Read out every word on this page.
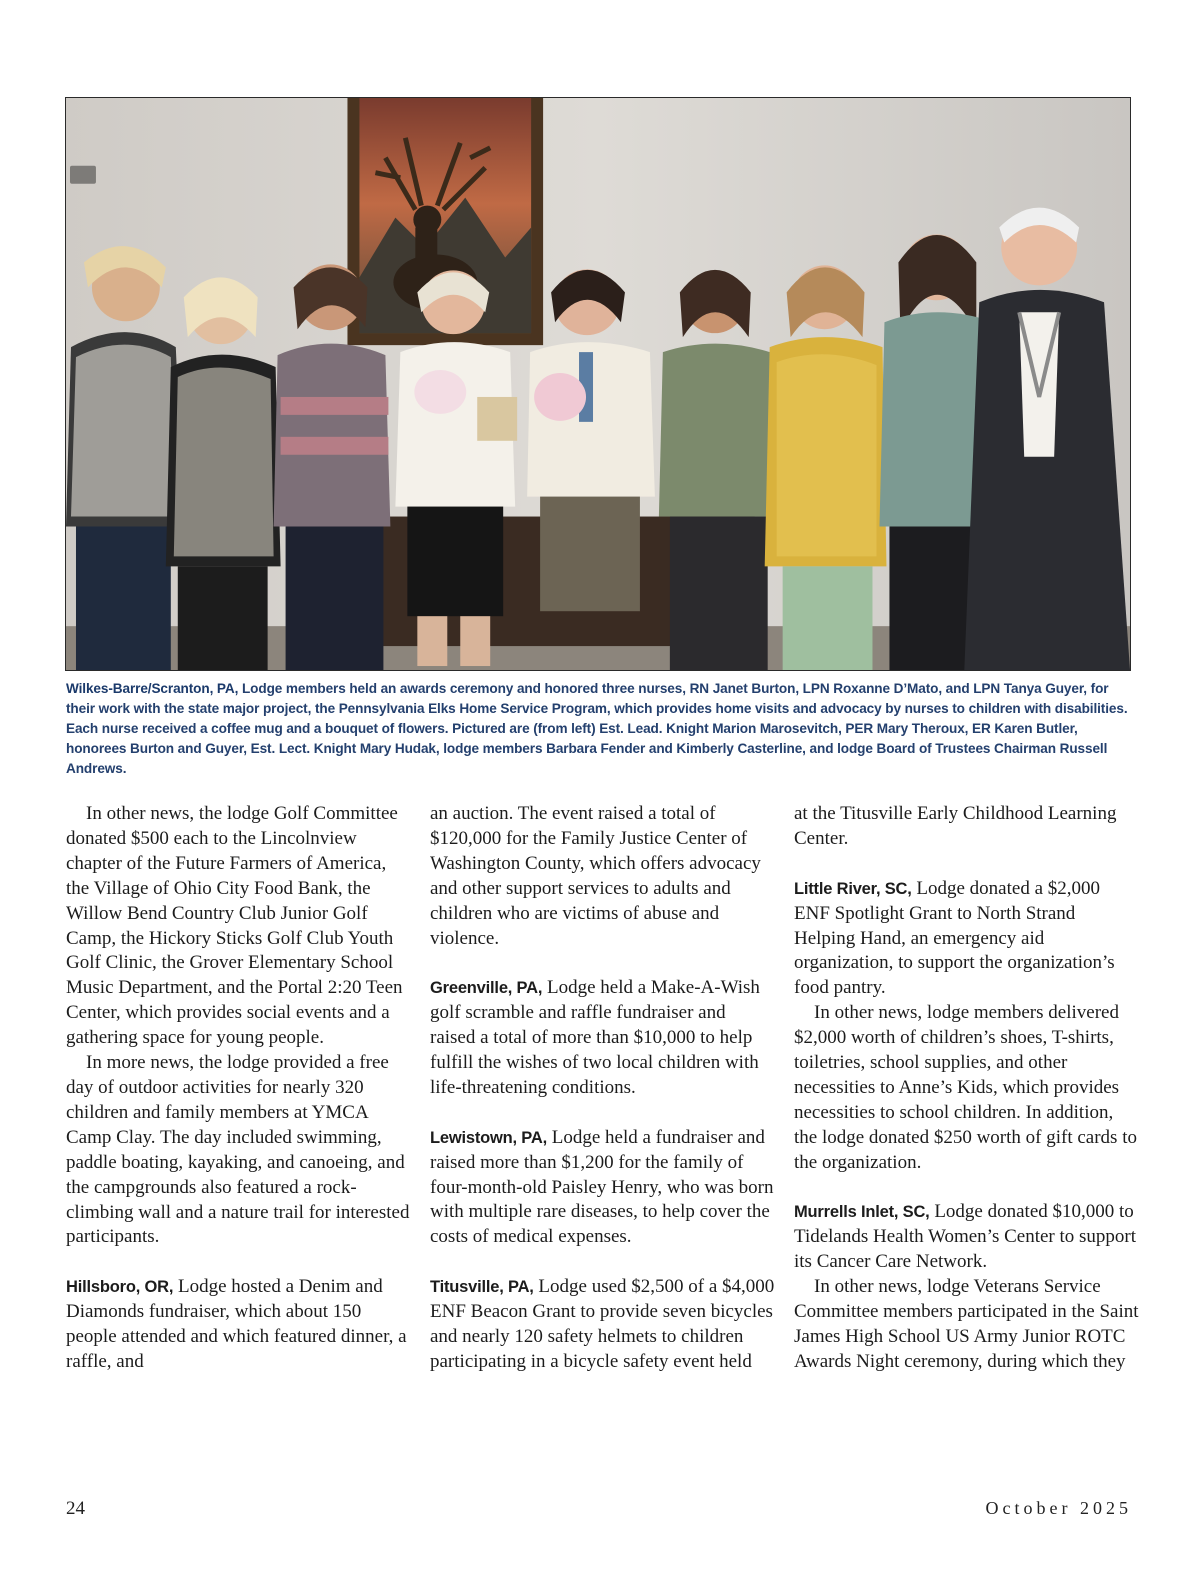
Wilkes-Barre/Scranton, PA, Lodge members held an awards ceremony and honored three nurses, RN Janet Burton, LPN Roxanne D’Mato, and LPN Tanya Guyer, for their work with the state major project, the Pennsylvania Elks Home Service Program, which provides home visits and advocacy by nurses to children with disabilities. Each nurse received a coffee mug and a bouquet of flowers. Pictured are (from left) Est. Lead. Knight Marion Marosevitch, PER Mary Theroux, ER Karen Butler, honorees Burton and Guyer, Est. Lect. Knight Mary Hudak, lodge members Barbara Fender and Kimberly Casterline, and lodge Board of Trustees Chairman Russell Andrews.

In other news, the lodge Golf Committee donated $500 each to the Lincolnview chapter of the Future Farmers of America, the Village of Ohio City Food Bank, the Willow Bend Country Club Junior Golf Camp, the Hickory Sticks Golf Club Youth Golf Clinic, the Grover Elementary School Music Department, and the Portal 2:20 Teen Center, which provides social events and a gathering space for young people.

In more news, the lodge provided a free day of outdoor activities for nearly 320 children and family members at YMCA Camp Clay. The day included swimming, paddle boating, kayaking, and canoeing, and the campgrounds also featured a rock-climbing wall and a nature trail for interested participants.

Hillsboro, OR, Lodge hosted a Denim and Diamonds fundraiser, which about 150 people attended and which featured dinner, a raffle, and

an auction. The event raised a total of $120,000 for the Family Justice Center of Washington County, which offers advocacy and other support services to adults and children who are victims of abuse and violence.

Greenville, PA, Lodge held a Make-A-Wish golf scramble and raffle fundraiser and raised a total of more than $10,000 to help fulfill the wishes of two local children with life-threatening conditions.

Lewistown, PA, Lodge held a fundraiser and raised more than $1,200 for the family of four-month-old Paisley Henry, who was born with multiple rare diseases, to help cover the costs of medical expenses.

Titusville, PA, Lodge used $2,500 of a $4,000 ENF Beacon Grant to provide seven bicycles and nearly 120 safety helmets to children participating in a bicycle safety event held

at the Titusville Early Childhood Learning Center.

Little River, SC, Lodge donated a $2,000 ENF Spotlight Grant to North Strand Helping Hand, an emergency aid organization, to support the organization’s food pantry.

In other news, lodge members delivered $2,000 worth of children’s shoes, T-shirts, toiletries, school supplies, and other necessities to Anne’s Kids, which provides necessities to school children. In addition, the lodge donated $250 worth of gift cards to the organization.

Murrells Inlet, SC, Lodge donated $10,000 to Tidelands Health Women’s Center to support its Cancer Care Network.

In other news, lodge Veterans Service Committee members participated in the Saint James High School US Army Junior ROTC Awards Night ceremony, during which they

24	October 2025
